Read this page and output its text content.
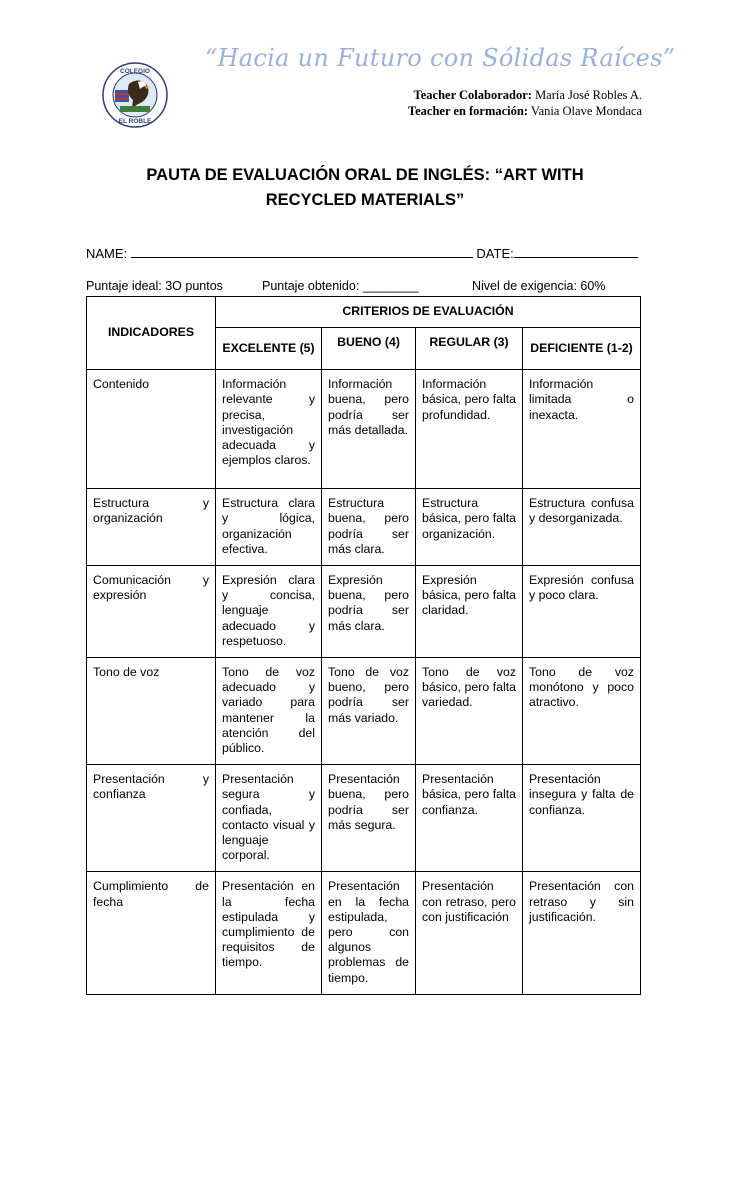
COLEGIO
EL ROBLE
“Hacia un Futuro con Sólidas Raíces”
Teacher Colaborador: María José Robles A.
Teacher en formación: Vania Olave Mondaca
PAUTA DE EVALUACIÓN ORAL DE INGLÉS: “ART WITH
RECYCLED MATERIALS”
NAME:	DATE:
Puntaje ideal: 3O puntos	Puntaje obtenido: ________	Nivel de exigencia: 60%
INDICADORES	CRITERIOS DE EVALUACIÓN			
	EXCELENTE (5)	BUENO (4)	REGULAR (3)	DEFICIENTE (1-2)
Contenido	Información relevante y precisa, investigación adecuada y ejemplos claros.	Información buena, pero podría ser más detallada.	Información básica, pero falta profundidad.	Información limitada o inexacta.
Estructura y organización	Estructura clara y lógica, organización efectiva.	Estructura buena, pero podría ser más clara.	Estructura básica, pero falta organización.	Estructura confusa y desorganizada.
Comunicación y expresión	Expresión clara y concisa, lenguaje adecuado y respetuoso.	Expresión buena, pero podría ser más clara.	Expresión básica, pero falta claridad.	Expresión confusa y poco clara.
Tono de voz	Tono de voz adecuado y variado para mantener la atención del público.	Tono de voz bueno, pero podría ser más variado.	Tono de voz básico, pero falta variedad.	Tono de voz monótono y poco atractivo.
Presentación y confianza	Presentación segura y confiada, contacto visual y lenguaje corporal.	Presentación buena, pero podría ser más segura.	Presentación básica, pero falta confianza.	Presentación insegura y falta de confianza.
Cumplimiento de fecha	Presentación en la fecha estipulada y cumplimiento de requisitos de tiempo.	Presentación en la fecha estipulada, pero con algunos problemas de tiempo.	Presentación con retraso, pero con justificación	Presentación con retraso y sin justificación.
